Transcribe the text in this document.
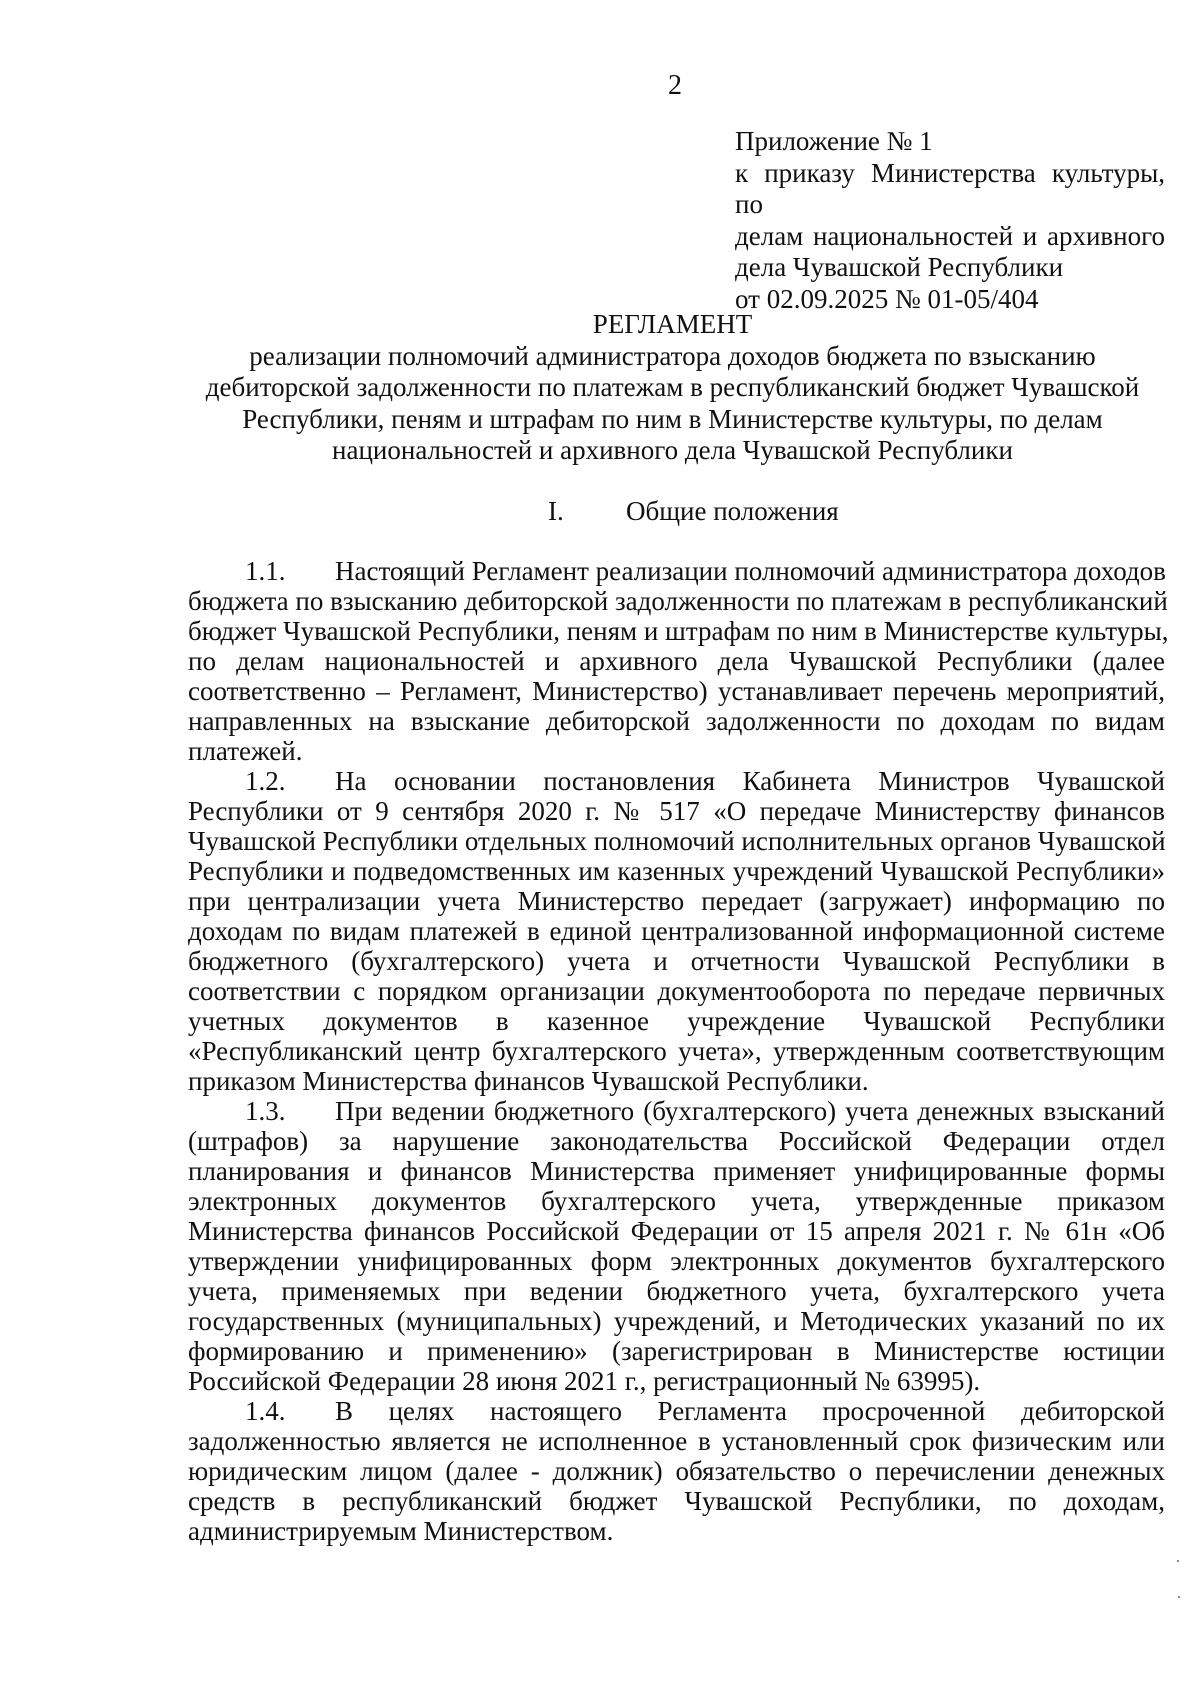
2
Приложение № 1
к приказу Министерства культуры, по
делам национальностей и архивного
дела Чувашской Республики
от 02.09.2025 № 01-05/404
РЕГЛАМЕНТ
реализации полномочий администратора доходов бюджета по взысканию
дебиторской задолженности по платежам в республиканский бюджет Чувашской
Республики, пеням и штрафам по ним в Министерстве культуры, по делам
национальностей и архивного дела Чувашской Республики
I. Общие положения
1.1. Настоящий Регламент реализации полномочий администратора доходов
бюджета по взысканию дебиторской задолженности по платежам в республиканский
бюджет Чувашской Республики, пеням и штрафам по ним в Министерстве культуры,
по делам национальностей и архивного дела Чувашской Республики (далее
соответственно – Регламент, Министерство) устанавливает перечень мероприятий,
направленных на взыскание дебиторской задолженности по доходам по видам
платежей.
1.2. На основании постановления Кабинета Министров Чувашской
Республики от 9 сентября 2020 г. № 517 «О передаче Министерству финансов
Чувашской Республики отдельных полномочий исполнительных органов Чувашской
Республики и подведомственных им казенных учреждений Чувашской Республики»
при централизации учета Министерство передает (загружает) информацию по
доходам по видам платежей в единой централизованной информационной системе
бюджетного (бухгалтерского) учета и отчетности Чувашской Республики в
соответствии с порядком организации документооборота по передаче первичных
учетных документов в казенное учреждение Чувашской Республики
«Республиканский центр бухгалтерского учета», утвержденным соответствующим
приказом Министерства финансов Чувашской Республики.
1.3. При ведении бюджетного (бухгалтерского) учета денежных взысканий
(штрафов) за нарушение законодательства Российской Федерации отдел
планирования и финансов Министерства применяет унифицированные формы
электронных документов бухгалтерского учета, утвержденные приказом
Министерства финансов Российской Федерации от 15 апреля 2021 г. № 61н «Об
утверждении унифицированных форм электронных документов бухгалтерского
учета, применяемых при ведении бюджетного учета, бухгалтерского учета
государственных (муниципальных) учреждений, и Методических указаний по их
формированию и применению» (зарегистрирован в Министерстве юстиции
Российской Федерации 28 июня 2021 г., регистрационный № 63995).
1.4. В целях настоящего Регламента просроченной дебиторской
задолженностью является не исполненное в установленный срок физическим или
юридическим лицом (далее - должник) обязательство о перечислении денежных
средств в республиканский бюджет Чувашской Республики, по доходам,
администрируемым Министерством.
